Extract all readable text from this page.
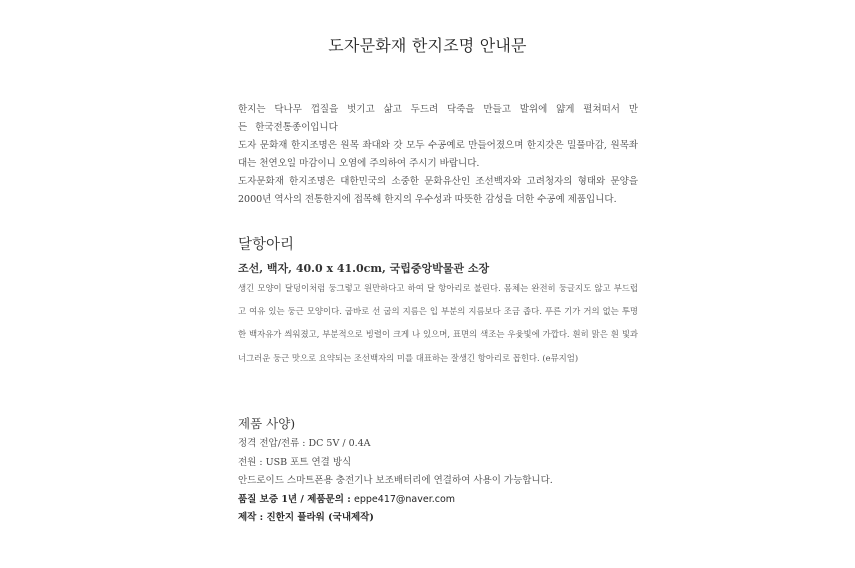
도자문화재 한지조명 안내문

한지는 닥나무 껍질을 벗기고 삶고 두드려 닥죽을 만들고 발위에 얇게 펼쳐떠서 만든 한국전통종이입니다

도자 문화재 한지조명은 원목 좌대와 갓 모두 수공예로 만들어졌으며 한지갓은 밀풀마감, 원목좌대는 천연오일 마감이니 오염에 주의하여 주시기 바랍니다.

도자문화재 한지조명은 대한민국의 소중한 문화유산인 조선백자와 고려청자의 형태와 문양을 2000년 역사의 전통한지에 접목해 한지의 우수성과 따뜻한 감성을 더한 수공예 제품입니다.

달항아리
조선, 백자, 40.0 x 41.0cm, 국립중앙박물관 소장

생긴 모양이 달덩이처럼 둥그렇고 원만하다고 하여 달 항아리로 불린다. 몸체는 완전히 둥글지도 않고 부드럽고 여유 있는 둥근 모양이다. 굽바로 선 굽의 지름은 입 부분의 지름보다 조금 좁다. 푸른 기가 거의 없는 투명한 백자유가 씌워졌고, 부분적으로 빙렬이 크게 나 있으며, 표면의 색조는 우윳빛에 가깝다. 흰히 맑은 흰 빛과 너그러운 둥근 맛으로 요약되는 조선백자의 미를 대표하는 잘생긴 항아리로 꼽힌다. (e뮤지엄)

제품 사양)
정격 전압/전류 : DC 5V / 0.4A
전원 : USB 포트 연결 방식
안드로이드 스마트폰용 충전기나 보조배터리에 연결하여 사용이 가능합니다.
품질 보증 1년 / 제품문의 : eppe417@naver.com
제작 : 진한지 플라워 (국내제작)
